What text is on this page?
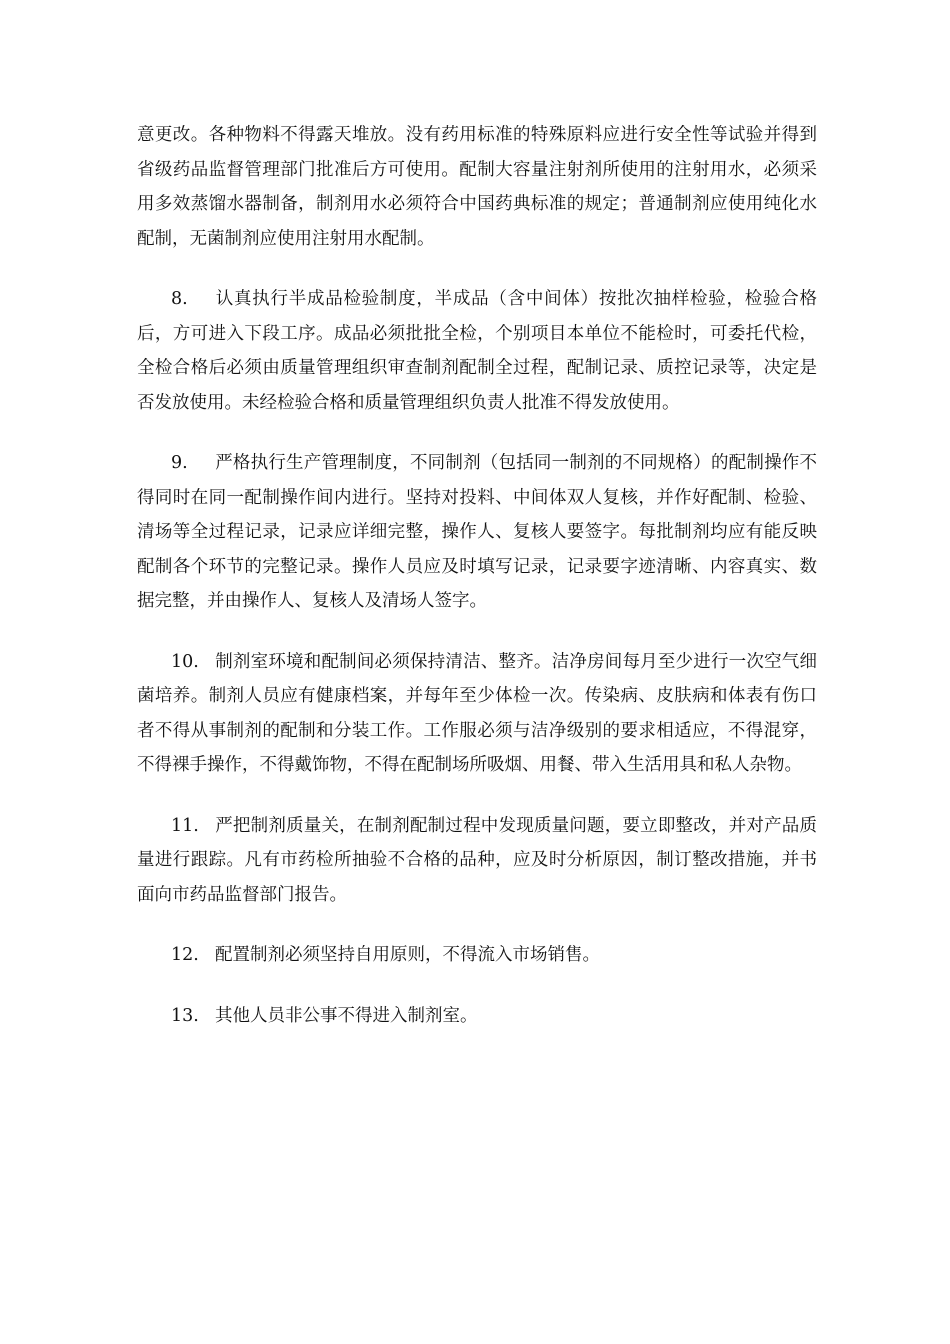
意更改。各种物料不得露天堆放。没有药用标准的特殊原料应进行安全性等试验并得到省级药品监督管理部门批准后方可使用。配制大容量注射剂所使用的注射用水，必须采用多效蒸馏水器制备，制剂用水必须符合中国药典标准的规定；普通制剂应使用纯化水配制，无菌制剂应使用注射用水配制。

8. 认真执行半成品检验制度，半成品（含中间体）按批次抽样检验，检验合格后，方可进入下段工序。成品必须批批全检，个别项目本单位不能检时，可委托代检，全检合格后必须由质量管理组织审查制剂配制全过程，配制记录、质控记录等，决定是否发放使用。未经检验合格和质量管理组织负责人批准不得发放使用。

9. 严格执行生产管理制度，不同制剂（包括同一制剂的不同规格）的配制操作不得同时在同一配制操作间内进行。坚持对投料、中间体双人复核，并作好配制、检验、清场等全过程记录，记录应详细完整，操作人、复核人要签字。每批制剂均应有能反映配制各个环节的完整记录。操作人员应及时填写记录，记录要字迹清晰、内容真实、数据完整，并由操作人、复核人及清场人签字。

10. 制剂室环境和配制间必须保持清洁、整齐。洁净房间每月至少进行一次空气细菌培养。制剂人员应有健康档案，并每年至少体检一次。传染病、皮肤病和体表有伤口者不得从事制剂的配制和分装工作。工作服必须与洁净级别的要求相适应，不得混穿，不得裸手操作，不得戴饰物，不得在配制场所吸烟、用餐、带入生活用具和私人杂物。

11. 严把制剂质量关，在制剂配制过程中发现质量问题，要立即整改，并对产品质量进行跟踪。凡有市药检所抽验不合格的品种，应及时分析原因，制订整改措施，并书面向市药品监督部门报告。

12. 配置制剂必须坚持自用原则，不得流入市场销售。

13. 其他人员非公事不得进入制剂室。
